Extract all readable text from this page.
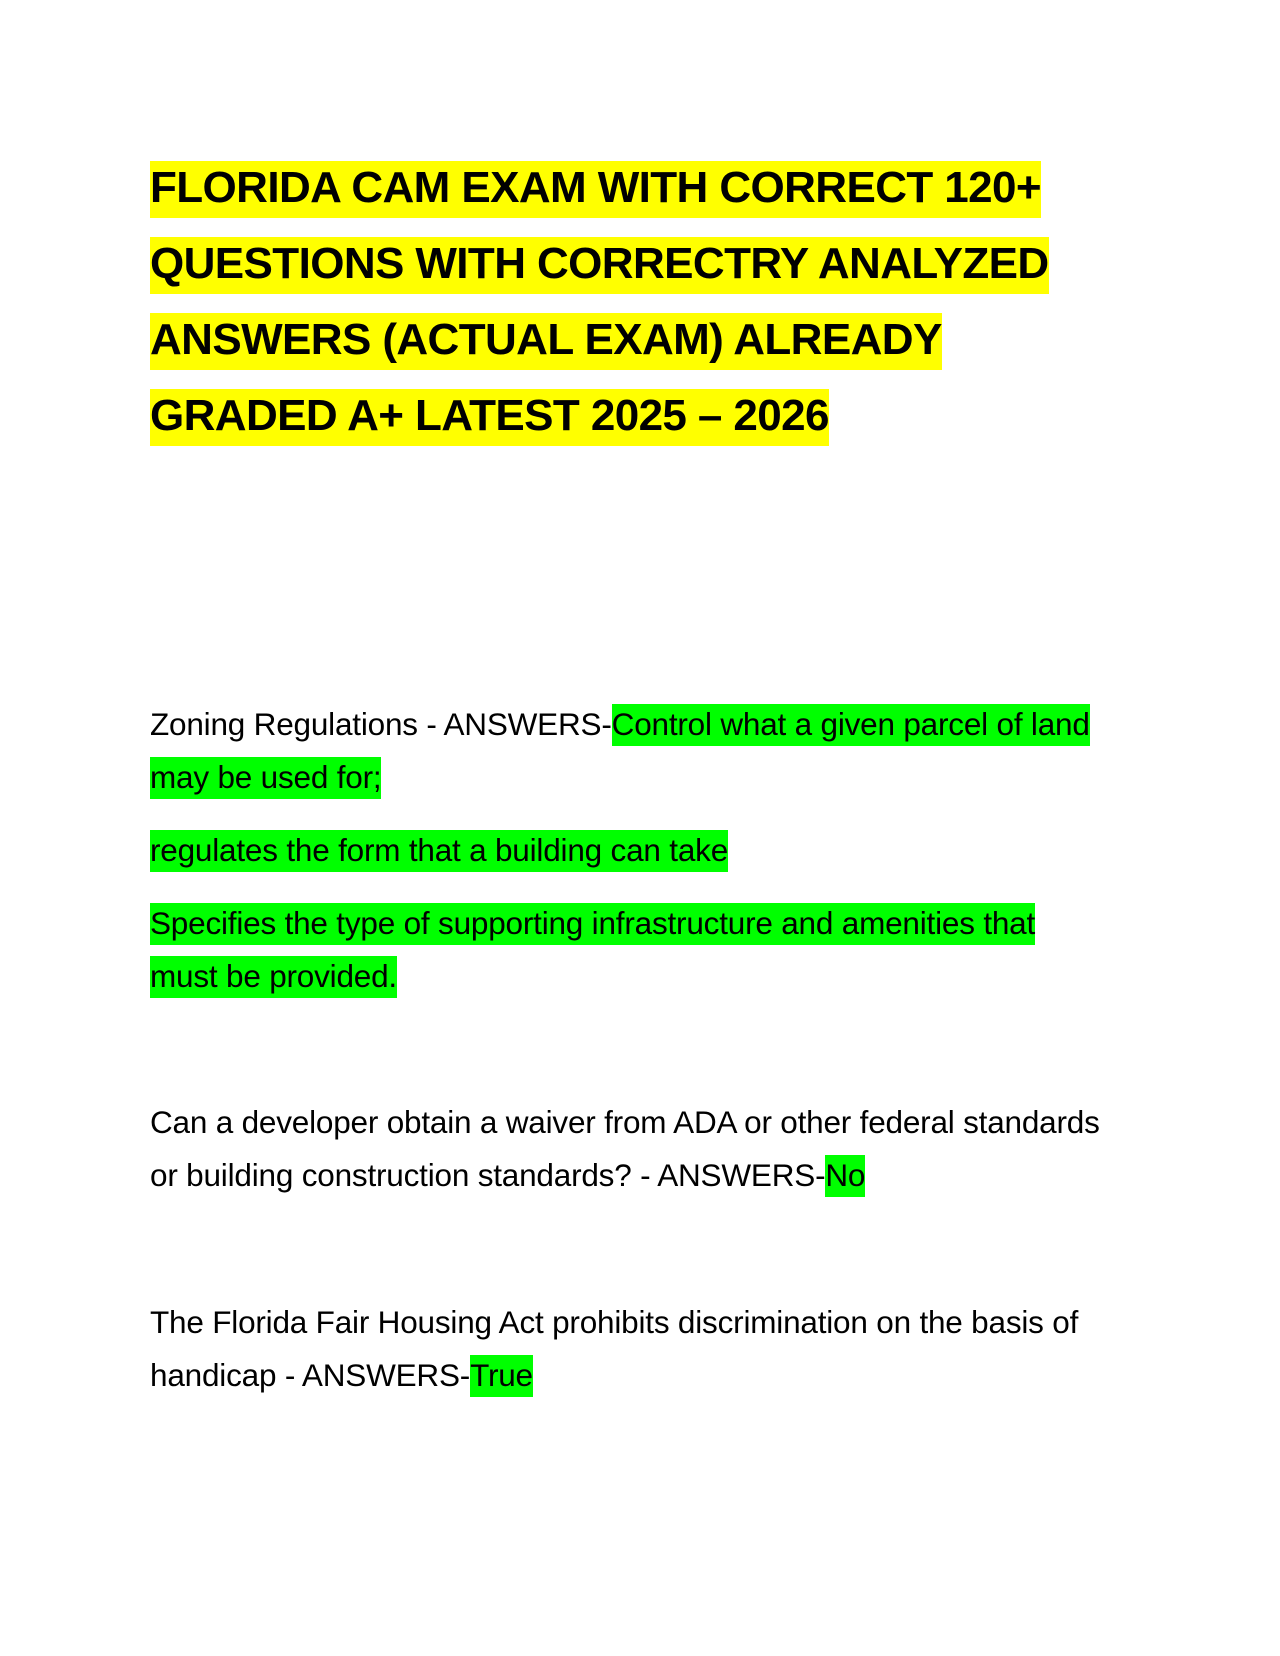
FLORIDA CAM EXAM WITH CORRECT 120+
QUESTIONS WITH CORRECTRY ANALYZED
ANSWERS (ACTUAL EXAM) ALREADY
GRADED A+ LATEST 2025 – 2026

Zoning Regulations - ANSWERS-Control what a given parcel of land may be used for;

regulates the form that a building can take

Specifies the type of supporting infrastructure and amenities that must be provided.

Can a developer obtain a waiver from ADA or other federal standards or building construction standards? - ANSWERS-No

The Florida Fair Housing Act prohibits discrimination on the basis of handicap - ANSWERS-True
